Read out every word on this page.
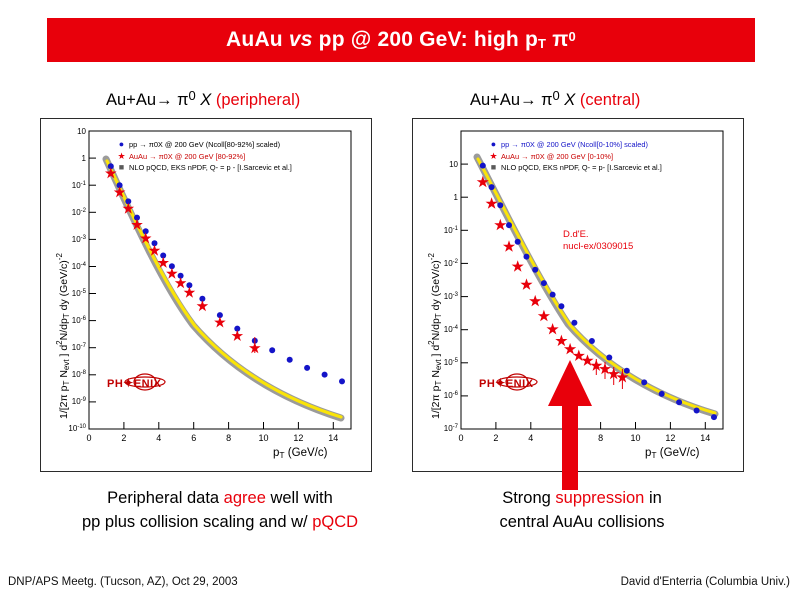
AuAu vs pp @ 200 GeV: high pT $\pi^0$
$Au+Au\to \pi^0$ X (peripheral)	$Au+Au\to \pi^0$ X (central)
0	2	4	6	8	10	12	14
10
1
$10^{-1}$
$10^{-2}$
$10^{-3}$
$10^{-4}$
$10^{-5}$
$10^{-6}$
$10^{-7}$
$10^{-8}$
$10^{-9}$
$10^{-10}$
1/[2π pT Nevt ] $d^2N$/dpT dy $(GeV/c)^{-2}$
$p_T$ (GeV/c)
● pp → π0X @ 200 GeV (Ncoll[80-92%] scaled)
★ AuAu → π0X @ 200 GeV [80-92%]
■ NLO pQCD, EKS nPDF, Q- = p - [I.Sarcevic et al.]
PH✦ENIX
0	2	4	8	10	12	14
10
1
$10^{-1}$
$10^{-2}$
$10^{-3}$
$10^{-4}$
$10^{-5}$
$10^{-6}$
$10^{-7}$
1/[2π pT Nevt ] $d^2N$/dpT dy $(GeV/c)^{-2}$
$p_T$ (GeV/c)
● pp → π0X @ 200 GeV (Ncoll[0-10%] scaled)
★ AuAu → π0X @ 200 GeV [0-10%]
■ NLO pQCD, EKS nPDF, Q- = p- [I.Sarcevic et al.]
D.d'E.
nucl-ex/0309015
PH✦ENIX
Peripheral data agree well with
pp plus collision scaling and w/ pQCD
Strong suppression in
central AuAu collisions
DNP/APS Meetg. (Tucson, AZ), Oct 29, 2003	David d'Enterria (Columbia Univ.)
